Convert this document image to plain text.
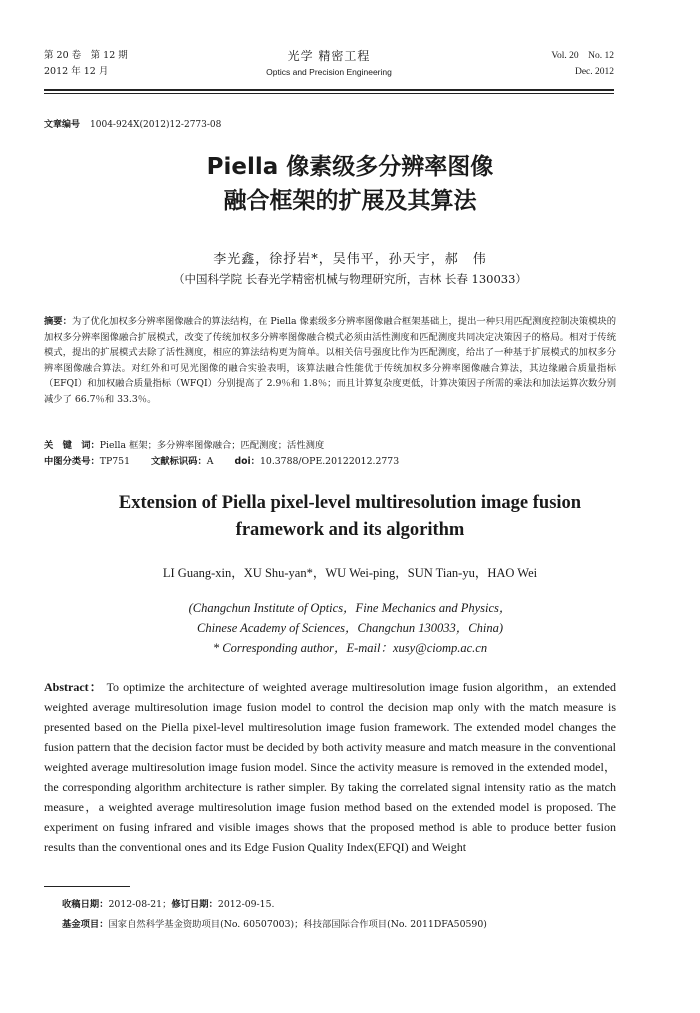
第 20 卷　第 12 期
2012 年 12 月
光学 精密工程
Optics and Precision Engineering
Vol. 20　No. 12
Dec. 2012
文章编号 1004-924X(2012)12-2773-08
Piella 像素级多分辨率图像
融合框架的扩展及其算法
李光鑫，徐抒岩*，吴伟平，孙天宇，郝　伟
（中国科学院 长春光学精密机械与物理研究所，吉林 长春 130033）
摘要：为了优化加权多分辨率图像融合的算法结构，在 Piella 像素级多分辨率图像融合框架基础上，提出一种只用匹配测度控制决策模块的加权多分辨率图像融合扩展模式，改变了传统加权多分辨率图像融合模式必须由活性测度和匹配测度共同决定决策因子的格局。相对于传统模式，提出的扩展模式去除了活性测度，相应的算法结构更为简单。以相关信号强度比作为匹配测度，给出了一种基于扩展模式的加权多分辨率图像融合算法。对红外和可见光图像的融合实验表明，该算法融合性能优于传统加权多分辨率图像融合算法，其边缘融合质量指标（EFQI）和加权融合质量指标（WFQI）分别提高了 2.9％和 1.8％；而且计算复杂度更低，计算决策因子所需的乘法和加法运算次数分别减少了 66.7％和 33.3％。
关　键　词：Piella 框架；多分辨率图像融合；匹配测度；活性测度
中图分类号：TP751 文献标识码：A doi：10.3788/OPE.20122012.2773
Extension of Piella pixel-level multiresolution image fusion
framework and its algorithm
LI Guang-xin，XU Shu-yan*，WU Wei-ping，SUN Tian-yu，HAO Wei
(Changchun Institute of Optics，Fine Mechanics and Physics，
Chinese Academy of Sciences，Changchun 130033，China)
* Corresponding author，E-mail：xusy@ciomp.ac.cn
Abstract： To optimize the architecture of weighted average multiresolution image fusion algorithm，an extended weighted average multiresolution image fusion model to control the decision map only with the match measure is presented based on the Piella pixel-level multiresolution image fusion framework. The extended model changes the fusion pattern that the decision factor must be decided by both activity measure and match measure in the conventional weighted average multiresolution image fusion model. Since the activity measure is removed in the extended model，the corresponding algorithm architecture is rather simpler. By taking the correlated signal intensity ratio as the match measure，a weighted average multiresolution image fusion method based on the extended model is proposed. The experiment on fusing infrared and visible images shows that the proposed method is able to produce better fusion results than the conventional ones and its Edge Fusion Quality Index(EFQI) and Weight
收稿日期：2012-08-21；修订日期：2012-09-15.
基金项目：国家自然科学基金资助项目(No. 60507003)；科技部国际合作项目(No. 2011DFA50590)
